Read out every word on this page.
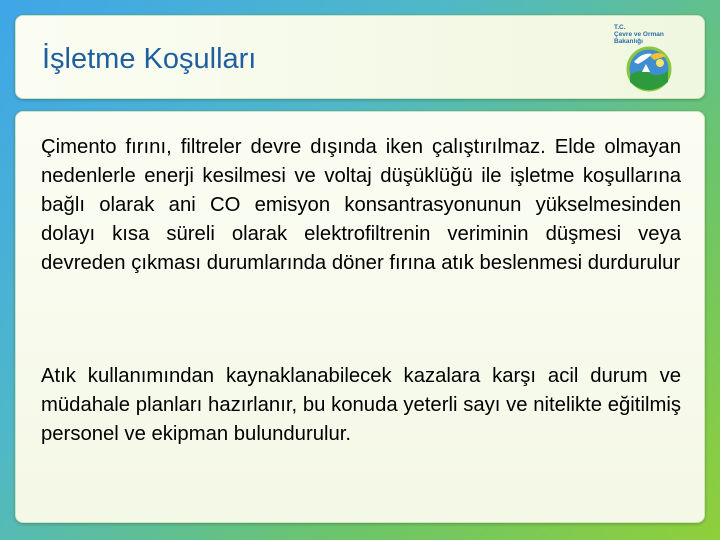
İşletme Koşulları
T.C.
Çevre ve Orman
Bakanlığı

Çimento fırını, filtreler devre dışında iken çalıştırılmaz. Elde olmayan nedenlerle enerji kesilmesi ve voltaj düşüklüğü ile işletme koşullarına bağlı olarak ani CO emisyon konsantrasyonunun yükselmesinden dolayı kısa süreli olarak elektrofiltrenin veriminin düşmesi veya devreden çıkması durumlarında döner fırına atık beslenmesi durdurulur

Atık kullanımından kaynaklanabilecek kazalara karşı acil durum ve müdahale planları hazırlanır, bu konuda yeterli sayı ve nitelikte eğitilmiş personel ve ekipman bulundurulur.
